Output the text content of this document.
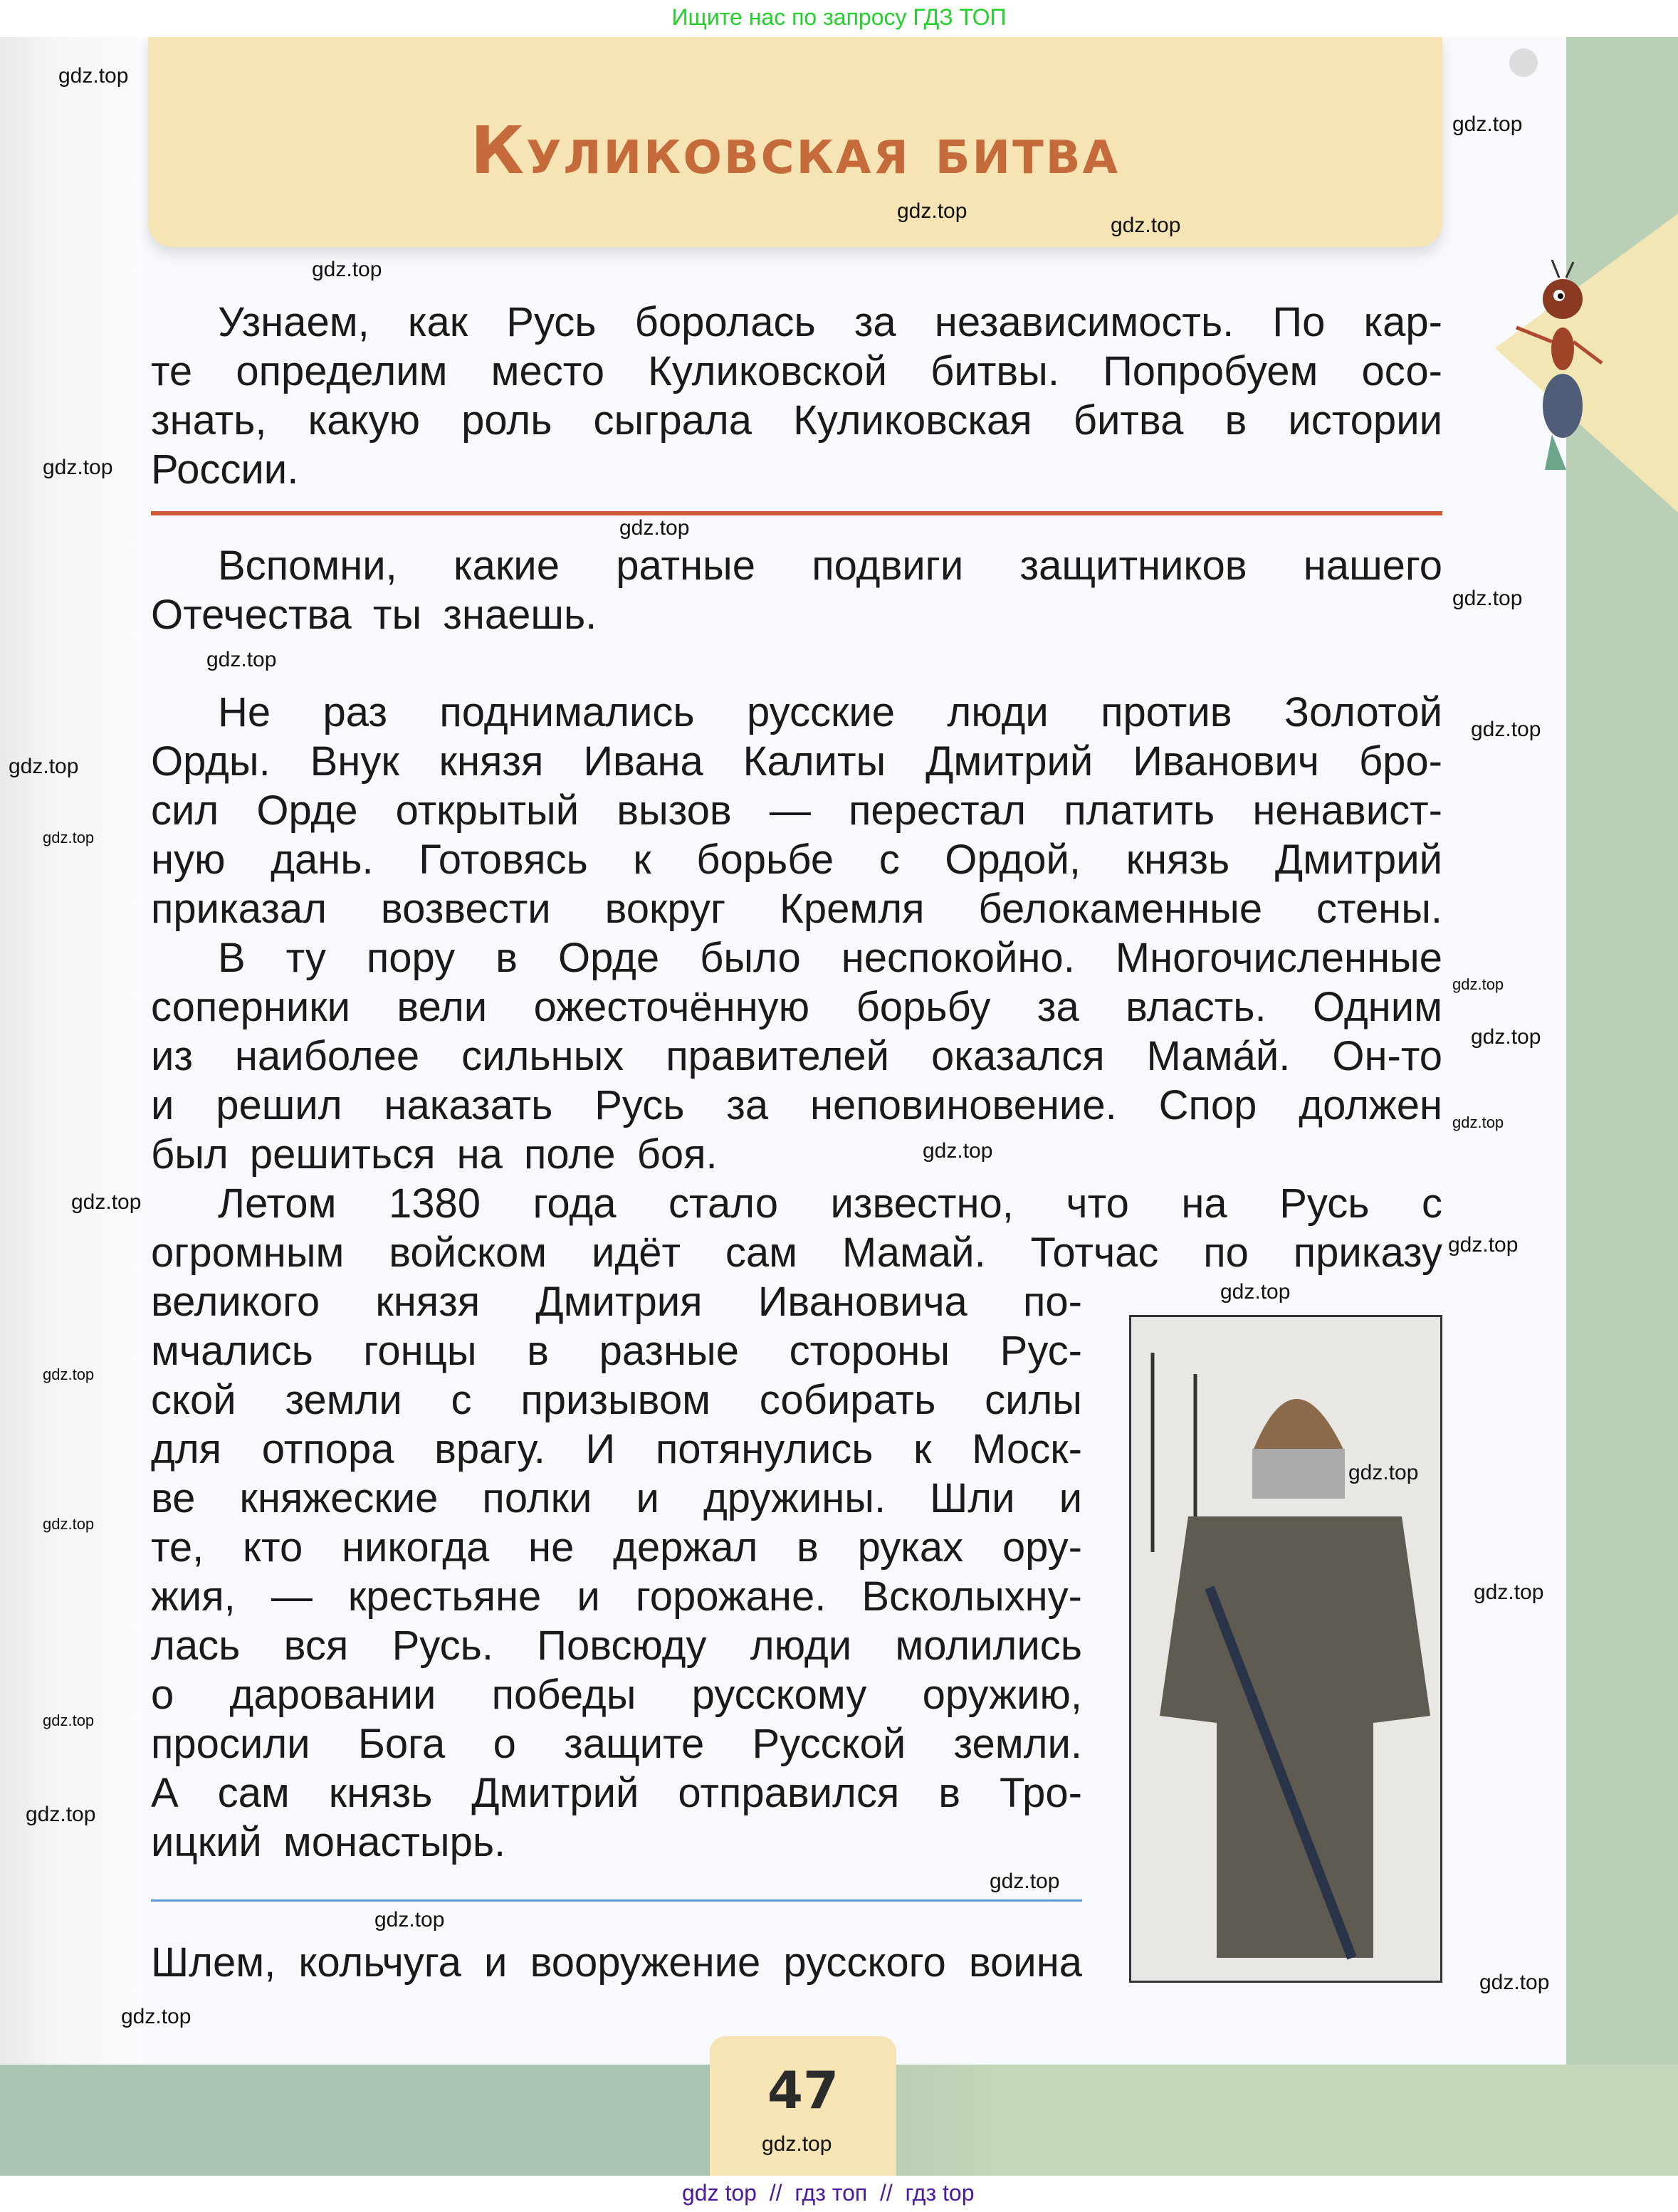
Ищите нас по запросу ГДЗ ТОП
Куликовская битва
Узнаем, как Русь боролась за независимость. По кар-
те определим место Куликовской битвы. Попробуем осо-
знать, какую роль сыграла Куликовская битва в истории
России.
Вспомни, какие ратные подвиги защитников нашего
Отечества ты знаешь.
Не раз поднимались русские люди против Золотой
Орды. Внук князя Ивана Калиты Дмитрий Иванович бро-
сил Орде открытый вызов — перестал платить ненавист-
ную дань. Готовясь к борьбе с Ордой, князь Дмитрий
приказал возвести вокруг Кремля белокаменные стены.
В ту пору в Орде было неспокойно. Многочисленные
соперники вели ожесточённую борьбу за власть. Одним
из наиболее сильных правителей оказался Мама́й. Он-то
и решил наказать Русь за неповиновение. Спор должен
был решиться на поле боя.
Летом 1380 года стало известно, что на Русь с
огромным войском идёт сам Мамай. Тотчас по приказу
великого князя Дмитрия Ивановича по-
мчались гонцы в разные стороны Рус-
ской земли с призывом собирать силы
для отпора врагу. И потянулись к Моск-
ве княжеские полки и дружины. Шли и
те, кто никогда не держал в руках ору-
жия, — крестьяне и горожане. Всколыхну-
лась вся Русь. Повсюду люди молились
о даровании победы русскому оружию,
просили Бога о защите Русской земли.
А сам князь Дмитрий отправился в Тро-
ицкий монастырь.
Шлем, кольчуга и вооружение русского воина
47
gdz.top
gdz.top
gdz.top
gdz.top
gdz.top
gdz.top
gdz.top
gdz.top
gdz.top
gdz.top
gdz.top
gdz.top
gdz.top
gdz.top
gdz.top
gdz.top
gdz.top
gdz.top
gdz.top
gdz.top
gdz.top
gdz.top
gdz.top
gdz.top
gdz.top
gdz.top
gdz.top
gdz.top
gdz.top
gdz.top
gdz top  //  гдз топ  //  гдз top
